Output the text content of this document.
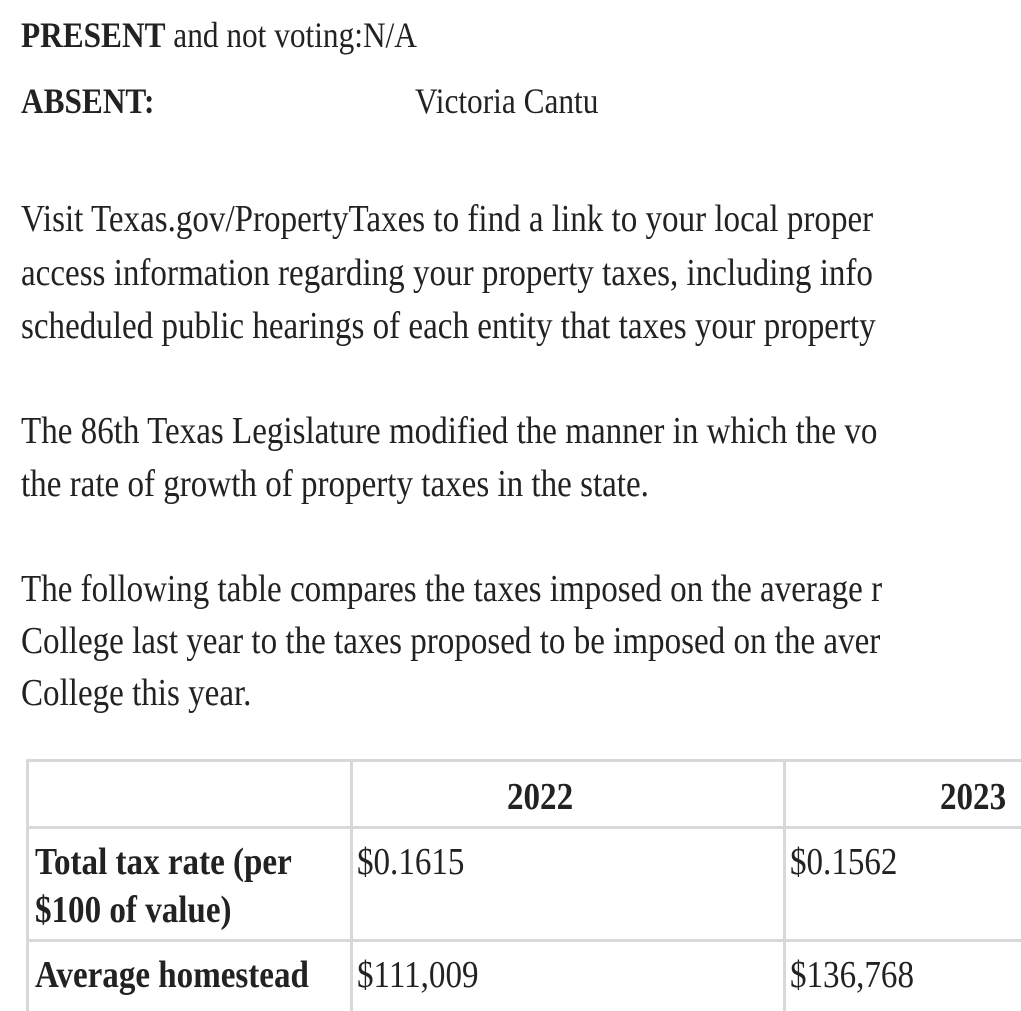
PRESENT and not voting:N/A
ABSENT:	Victoria Cantu
Visit Texas.gov/PropertyTaxes to find a link to your local proper
access information regarding your property taxes, including info
scheduled public hearings of each entity that taxes your property
The 86th Texas Legislature modified the manner in which the vo
the rate of growth of property taxes in the state.
The following table compares the taxes imposed on the average r
College last year to the taxes proposed to be imposed on the aver
College this year.

	2022	2023

Total tax rate (per
$100 of value)	$0.1615	$0.1562

Average homestead	$111,009	$136,768
